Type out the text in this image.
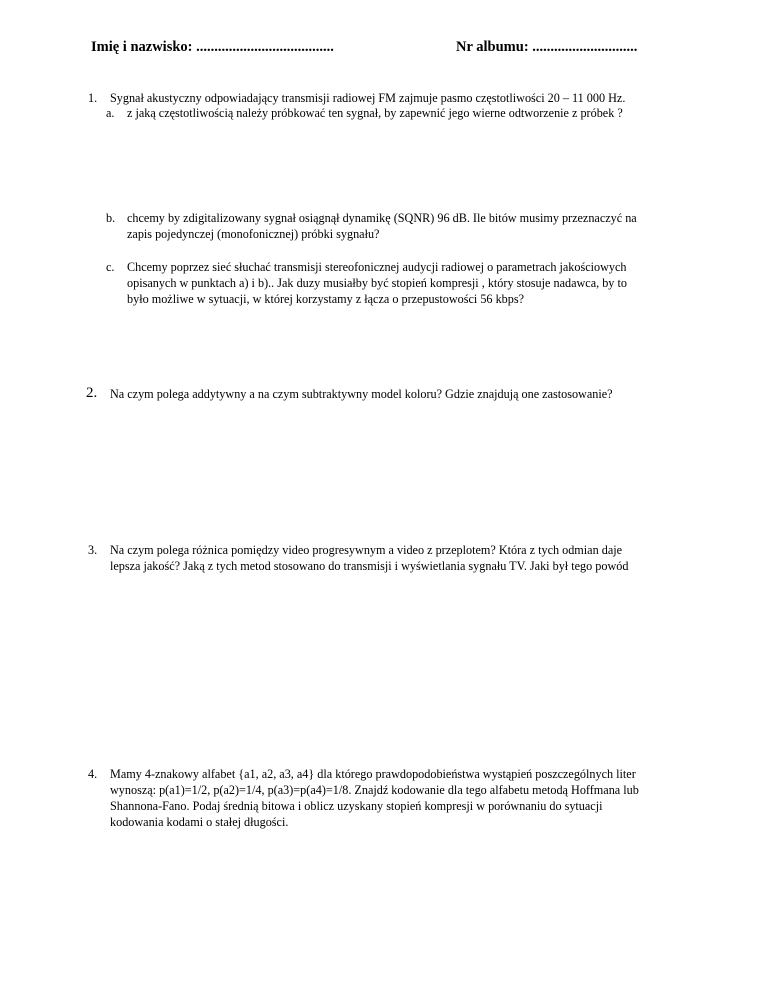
Imię i nazwisko: ......................................	Nr albumu: .............................
1. Sygnał akustyczny odpowiadający transmisji radiowej FM zajmuje pasmo częstotliwości 20 – 11 000 Hz.
a. z jaką częstotliwością należy próbkować ten sygnał, by zapewnić jego wierne odtworzenie z próbek ?
b. chcemy by zdigitalizowany sygnał osiągnął dynamikę (SQNR) 96 dB. Ile bitów musimy przeznaczyć na
zapis pojedynczej (monofonicznej) próbki sygnału?
c. Chcemy poprzez sieć słuchać transmisji stereofonicznej audycji radiowej o parametrach jakościowych
opisanych w punktach a) i b).. Jak duzy musiałby być stopień kompresji , który stosuje nadawca, by to
było możliwe w sytuacji, w której korzystamy z łącza o przepustowości 56 kbps?
2. Na czym polega addytywny a na czym subtraktywny model koloru? Gdzie znajdują one zastosowanie?
3. Na czym polega różnica pomiędzy video progresywnym a video z przeplotem? Która z tych odmian daje
lepsza jakość? Jaką z tych metod stosowano do transmisji i wyświetlania sygnału TV. Jaki był tego powód
4. Mamy 4-znakowy alfabet {a1, a2, a3, a4} dla którego prawdopodobieństwa wystąpień poszczególnych liter
wynoszą: p(a1)=1/2, p(a2)=1/4, p(a3)=p(a4)=1/8. Znajdź kodowanie dla tego alfabetu metodą Hoffmana lub
Shannona-Fano. Podaj średnią bitowa i oblicz uzyskany stopień kompresji w porównaniu do sytuacji
kodowania kodami o stałej długości.
